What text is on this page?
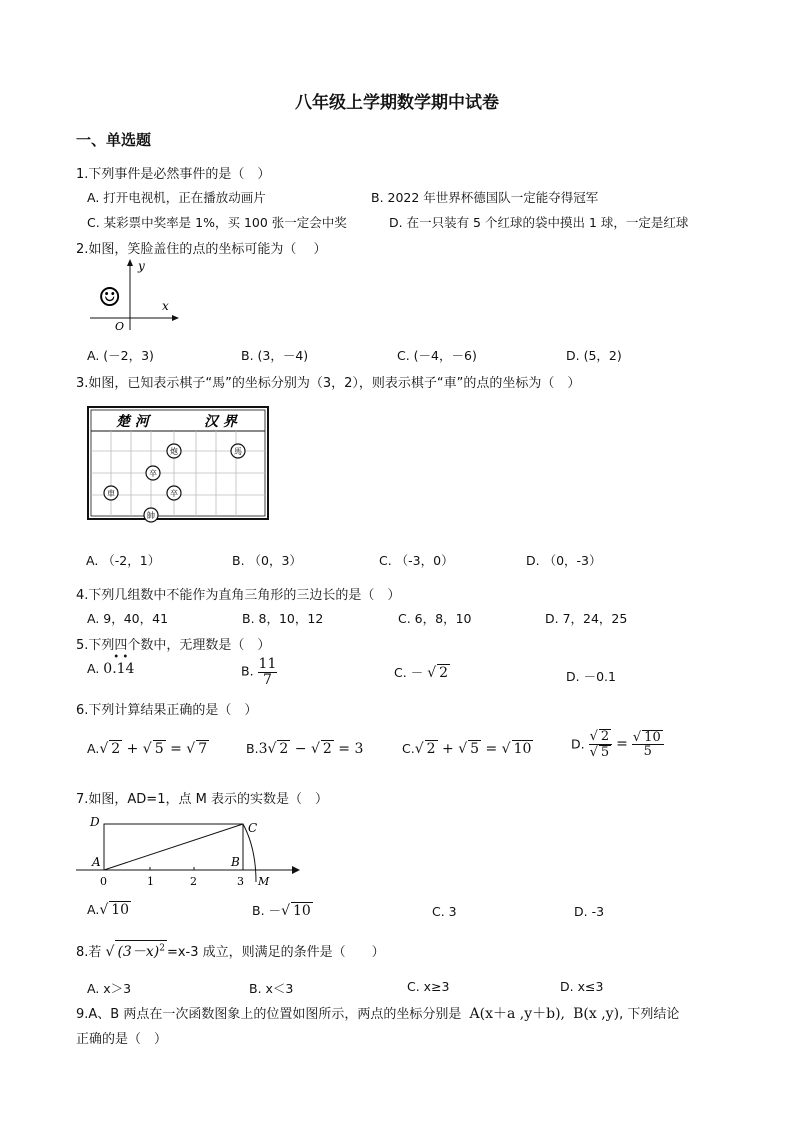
八年级上学期数学期中试卷
一、单选题
1.下列事件是必然事件的是（　）
A. 打开电视机，正在播放动画片	B. 2022 年世界杯德国队一定能夺得冠军
C. 某彩票中奖率是 1%，买 100 张一定会中奖	D. 在一只装有 5 个红球的袋中摸出 1 球，一定是红球
2.如图，笑脸盖住的点的坐标可能为（　 ）
y
x
O
☺
A. (－2，3)	B. (3，－4)	C. (－4，－6)	D. (5，2)
3.如图，已知表示棋子“馬”的坐标分别为（3，2），则表示棋子“車”的点的坐标为（　）
楚 河	汉 界
炮	馬
卒
卒
車
帥
A. （-2，1）	B. （0，3）	C. （-3，0）	D. （0，-3）
4.下列几组数中不能作为直角三角形的三边长的是（　）
A. 9，40，41	B. 8，10，12	C. 6，8，10	D. 7，24，25
5.下列四个数中，无理数是（　）
A. 0.14
• •
B. $\frac{11}{7}$	C. － √ 2	D. －0.1
6.下列计算结果正确的是（　）
A.√ 2 + √ 5 = √ 7	B.3√ 2 − √ 2 = 3	C.√ 2 + √ 5 = √ 10	D. $\frac{√ 2}{√ 5} = \frac{√ 10}{5}$
7.如图，AD=1，点 M 表示的实数是（　）
D	C
A	B
M
0	1	2	3
A.√ 10	B. －√ 10	C. 3	D. -3
8.若 √ $(3-x)^2 =x-3$ 成立，则满足的条件是（　　）
A. x＞3	B. x＜3	C. x≥3	D. x≤3
9.A、B 两点在一次函数图象上的位置如图所示，两点的坐标分别是 A(x＋a ,y＋b), B(x ,y), 下列结论
正确的是（　）
